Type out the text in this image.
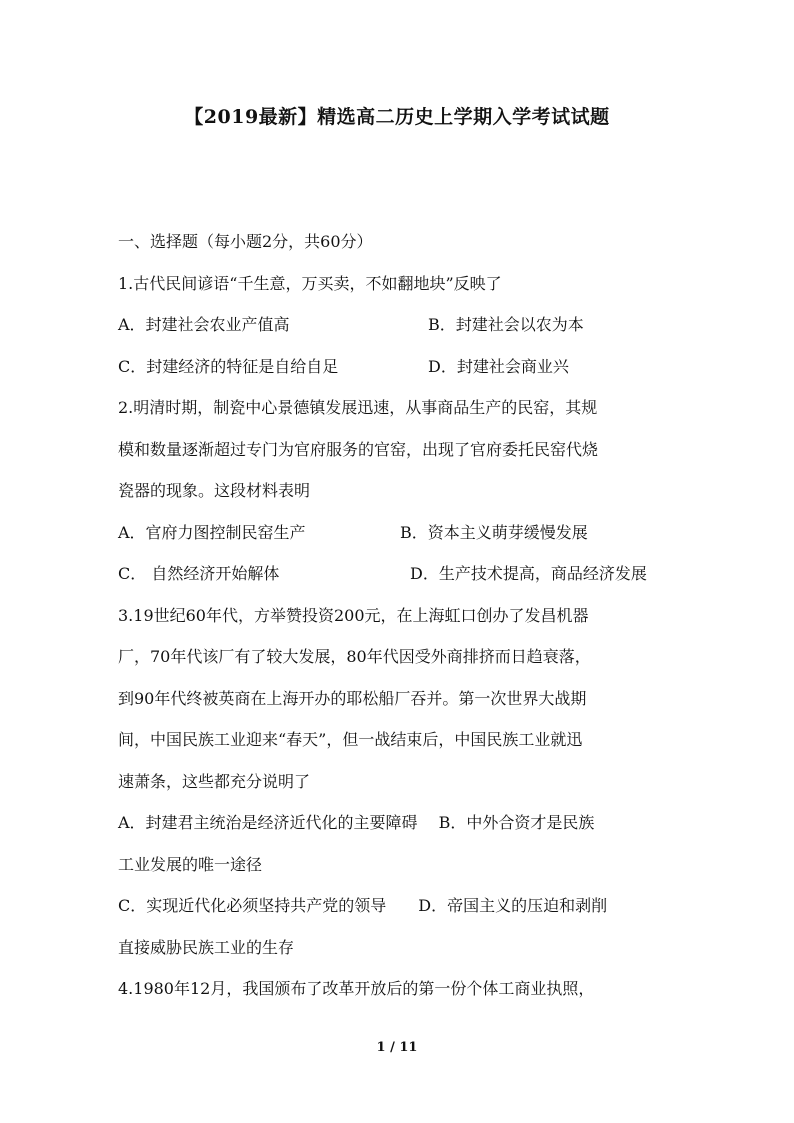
【2019最新】精选高二历史上学期入学考试试题
一、选择题（每小题2分，共60分）
1.古代民间谚语“千生意，万买卖，不如翻地块”反映了
A．封建社会农业产值高	B．封建社会以农为本
C．封建经济的特征是自给自足	D．封建社会商业兴
2.明清时期，制瓷中心景德镇发展迅速，从事商品生产的民窑，其规
模和数量逐渐超过专门为官府服务的官窑，出现了官府委托民窑代烧
瓷器的现象。这段材料表明
A．官府力图控制民窑生产	B．资本主义萌芽缓慢发展
C． 自然经济开始解体	D．生产技术提高，商品经济发展
3.19世纪60年代，方举赞投资200元，在上海虹口创办了发昌机器
厂，70年代该厂有了较大发展，80年代因受外商排挤而日趋衰落，
到90年代终被英商在上海开办的耶松船厂吞并。第一次世界大战期
间，中国民族工业迎来“春天”，但一战结束后，中国民族工业就迅
速萧条，这些都充分说明了
A．封建君主统治是经济近代化的主要障碍　 B．中外合资才是民族
工业发展的唯一途径
C．实现近代化必须坚持共产党的领导　　D．帝国主义的压迫和剥削
直接威胁民族工业的生存
4.1980年12月，我国颁布了改革开放后的第一份个体工商业执照，
1 / 11
